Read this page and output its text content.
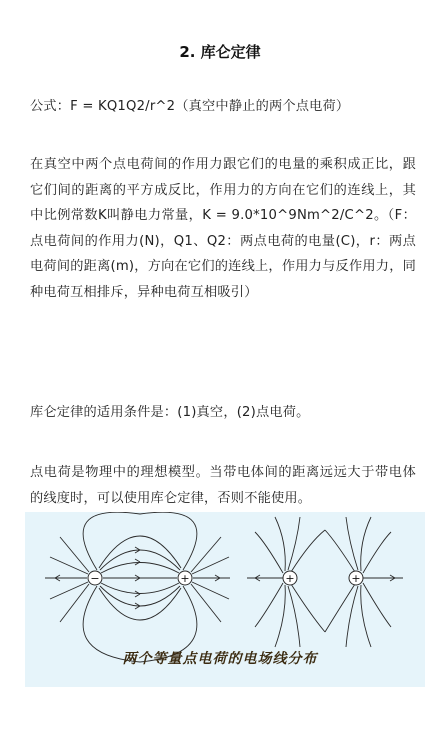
2. 库仑定律

公式：F = KQ1Q2/r^2（真空中静止的两个点电荷）

在真空中两个点电荷间的作用力跟它们的电量的乘积成正比，跟它们间的距离的平方成反比，作用力的方向在它们的连线上，其中比例常数K叫静电力常量，K = 9.0*10^9Nm^2/C^2。（F：点电荷间的作用力(N)，Q1、Q2：两点电荷的电量(C)，r：两点电荷间的距离(m)，方向在它们的连线上，作用力与反作用力，同种电荷互相排斥，异种电荷互相吸引）

库仑定律的适用条件是：(1)真空，(2)点电荷。

点电荷是物理中的理想模型。当带电体间的距离远远大于带电体的线度时，可以使用库仑定律，否则不能使用。

−	+	+	+
两个等量点电荷的电场线分布
